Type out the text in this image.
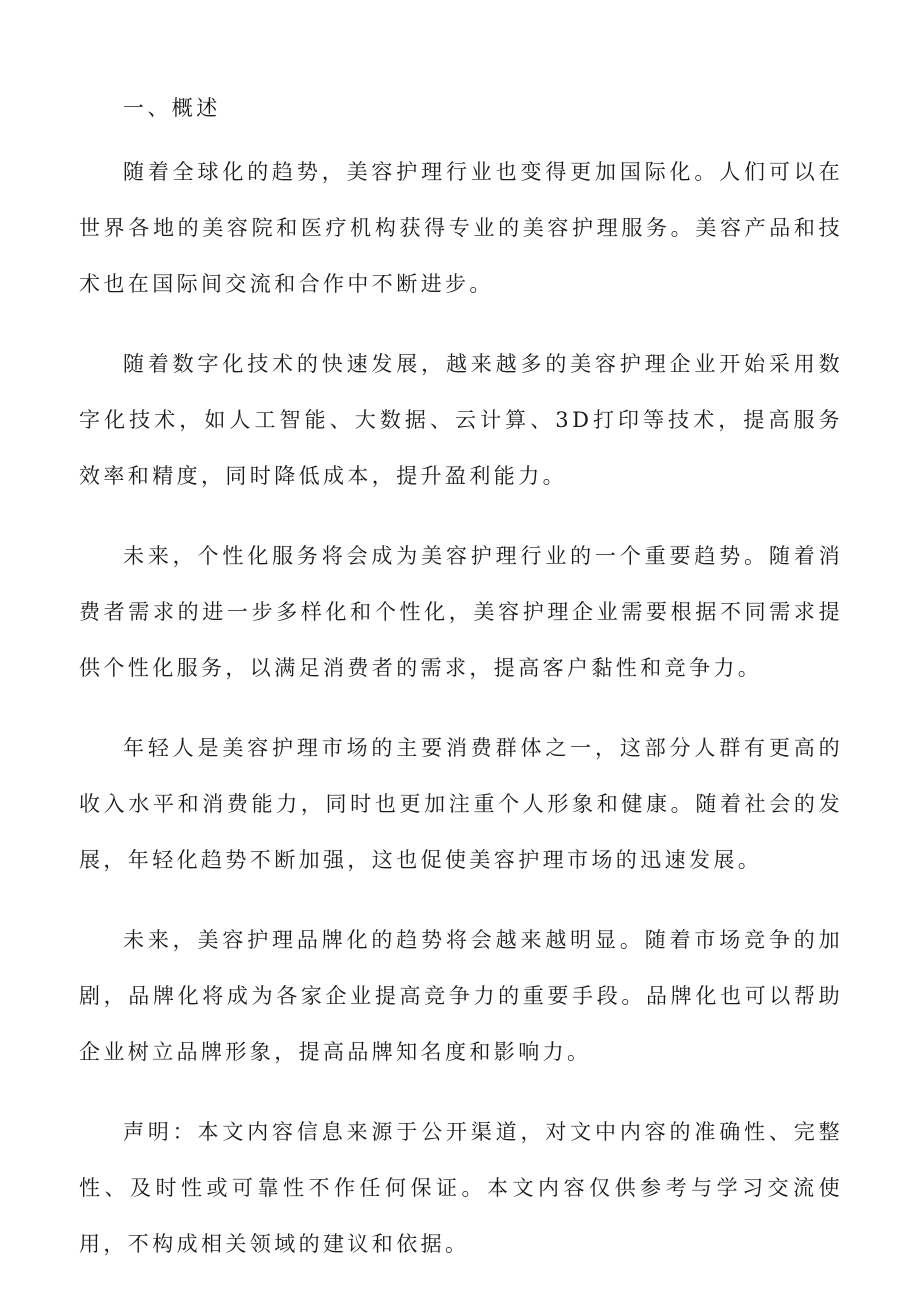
一、概述

随着全球化的趋势，美容护理行业也变得更加国际化。人们可以在世界各地的美容院和医疗机构获得专业的美容护理服务。美容产品和技术也在国际间交流和合作中不断进步。

随着数字化技术的快速发展，越来越多的美容护理企业开始采用数字化技术，如人工智能、大数据、云计算、3D打印等技术，提高服务效率和精度，同时降低成本，提升盈利能力。

未来，个性化服务将会成为美容护理行业的一个重要趋势。随着消费者需求的进一步多样化和个性化，美容护理企业需要根据不同需求提供个性化服务，以满足消费者的需求，提高客户黏性和竞争力。

年轻人是美容护理市场的主要消费群体之一，这部分人群有更高的收入水平和消费能力，同时也更加注重个人形象和健康。随着社会的发展，年轻化趋势不断加强，这也促使美容护理市场的迅速发展。

未来，美容护理品牌化的趋势将会越来越明显。随着市场竞争的加剧，品牌化将成为各家企业提高竞争力的重要手段。品牌化也可以帮助企业树立品牌形象，提高品牌知名度和影响力。

声明：本文内容信息来源于公开渠道，对文中内容的准确性、完整性、及时性或可靠性不作任何保证。本文内容仅供参考与学习交流使用，不构成相关领域的建议和依据。
